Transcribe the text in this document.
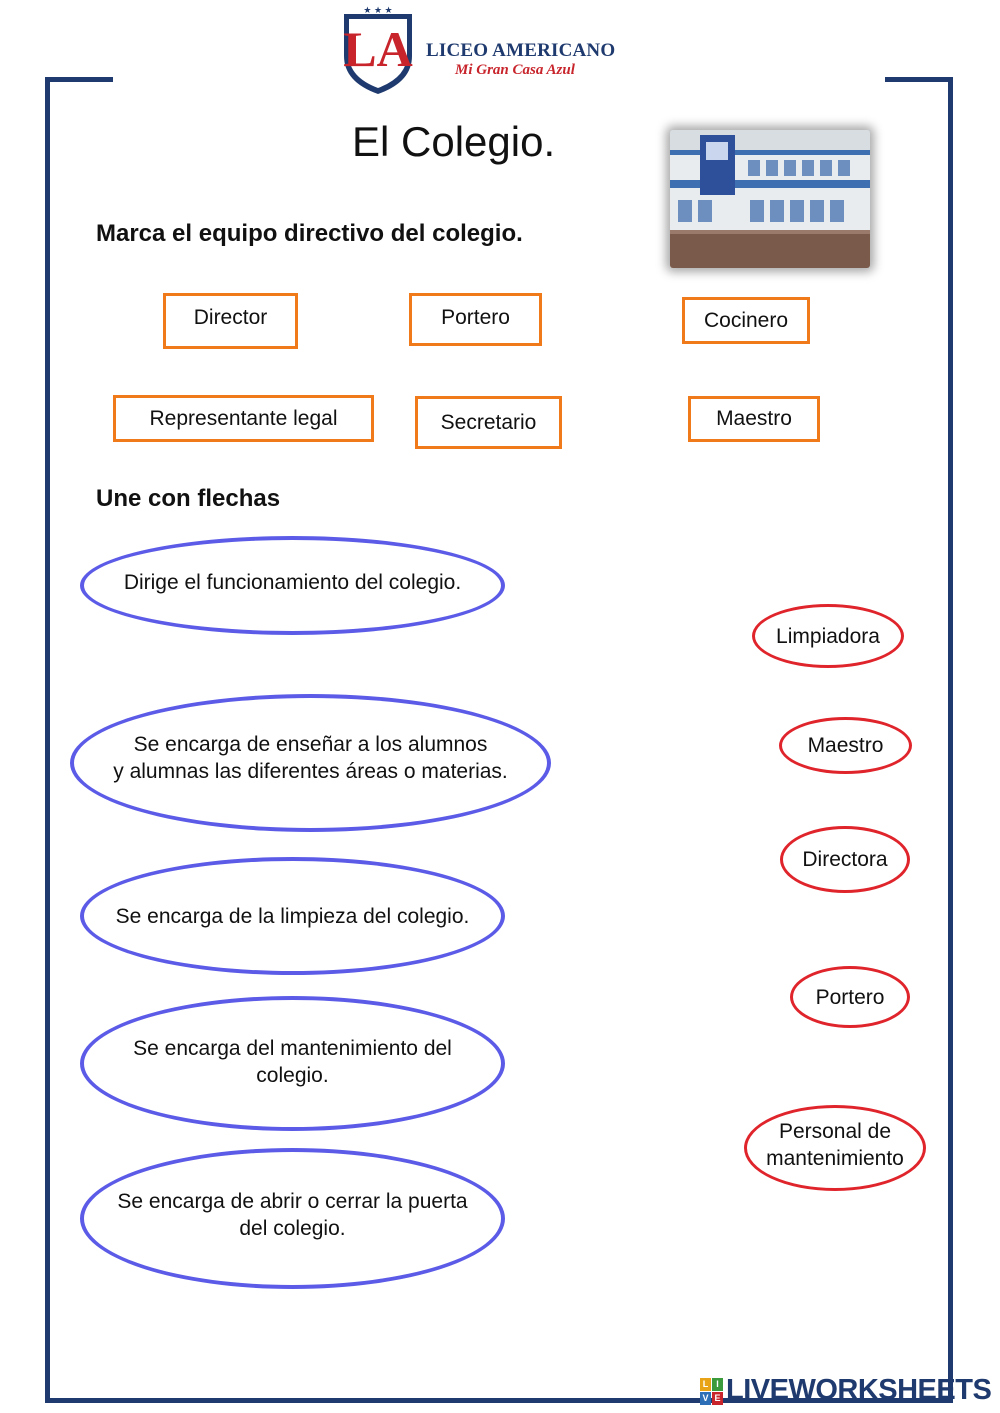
LA
★ ★ ★
LICEO AMERICANO
Mi Gran Casa Azul
El Colegio.
Marca el equipo directivo del colegio.
Director	Portero	Cocinero
Representante legal	Secretario	Maestro
Une con flechas
Dirige el funcionamiento del colegio.
Se encarga de enseñar a los alumnos
y alumnas las diferentes áreas o materias.
Se encarga de la limpieza del colegio.
Se encarga del mantenimiento del
colegio.
Se encarga de abrir o cerrar la puerta
del colegio.
Limpiadora
Maestro
Directora
Portero
Personal de
mantenimiento
L I
V E LIVEWORKSHEETS
